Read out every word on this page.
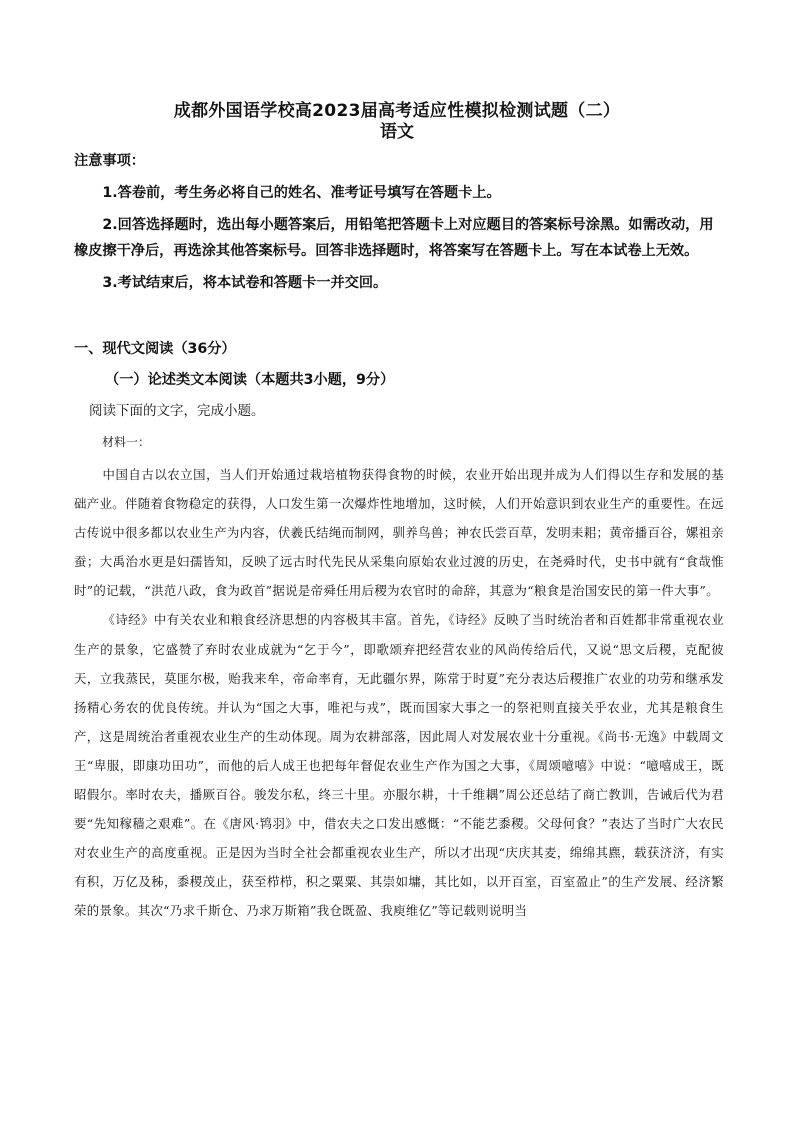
成都外国语学校高2023届高考适应性模拟检测试题（二）
语文

注意事项：

1.答卷前，考生务必将自己的姓名、准考证号填写在答题卡上。

2.回答选择题时，选出每小题答案后，用铅笔把答题卡上对应题目的答案标号涂黑。如需改动，用橡皮擦干净后，再选涂其他答案标号。回答非选择题时，将答案写在答题卡上。写在本试卷上无效。

3.考试结束后，将本试卷和答题卡一并交回。

一、现代文阅读（36分）

（一）论述类文本阅读（本题共3小题，9分）

阅读下面的文字，完成小题。

材料一：

中国自古以农立国，当人们开始通过栽培植物获得食物的时候，农业开始出现并成为人们得以生存和发展的基础产业。伴随着食物稳定的获得，人口发生第一次爆炸性地增加，这时候，人们开始意识到农业生产的重要性。在远古传说中很多都以农业生产为内容，伏羲氏结绳而制网，驯养鸟兽；神农氏尝百草，发明耒耜；黄帝播百谷，嫘祖亲蚕；大禹治水更是妇孺皆知，反映了远古时代先民从采集向原始农业过渡的历史，在尧舜时代，史书中就有“食哉惟时”的记载，“洪范八政，食为政首”据说是帝舜任用后稷为农官时的命辞，其意为“粮食是治国安民的第一件大事”。

《诗经》中有关农业和粮食经济思想的内容极其丰富。首先，《诗经》反映了当时统治者和百姓都非常重视农业生产的景象，它盛赞了弃时农业成就为“乞于今”，即歌颂弃把经营农业的风尚传给后代，又说“思文后稷，克配彼天，立我蒸民，莫匪尔极，贻我来牟，帝命率育，无此疆尔界，陈常于时夏”充分表达后稷推广农业的功劳和继承发扬精心务农的优良传统。并认为“国之大事，唯祀与戎”，既而国家大事之一的祭祀则直接关乎农业，尤其是粮食生产，这是周统治者重视农业生产的生动体现。周为农耕部落，因此周人对发展农业十分重视。《尚书·无逸》中载周文王“卑服，即康功田功”，而他的后人成王也把每年督促农业生产作为国之大事，《周颂噫嘻》中说：“噫嘻成王，既昭假尔。率时农夫，播厥百谷。骏发尔私，终三十里。亦服尔耕，十千维耦”周公还总结了商亡教训，告诫后代为君要“先知稼穑之艰难”。在《唐风·鸨羽》中，借农夫之口发出感慨：“不能艺黍稷。父母何食？”表达了当时广大农民对农业生产的高度重视。正是因为当时全社会都重视农业生产，所以才出现“庆庆其麦，绵绵其麃，载获济济，有实有积，万亿及秭，黍稷茂止，获至栉栉，积之粟粟、其崇如墉，其比如，以开百室，百室盈止”的生产发展、经济繁荣的景象。其次“乃求千斯仓、乃求万斯箱”我仓既盈、我庾维亿”等记载则说明当
